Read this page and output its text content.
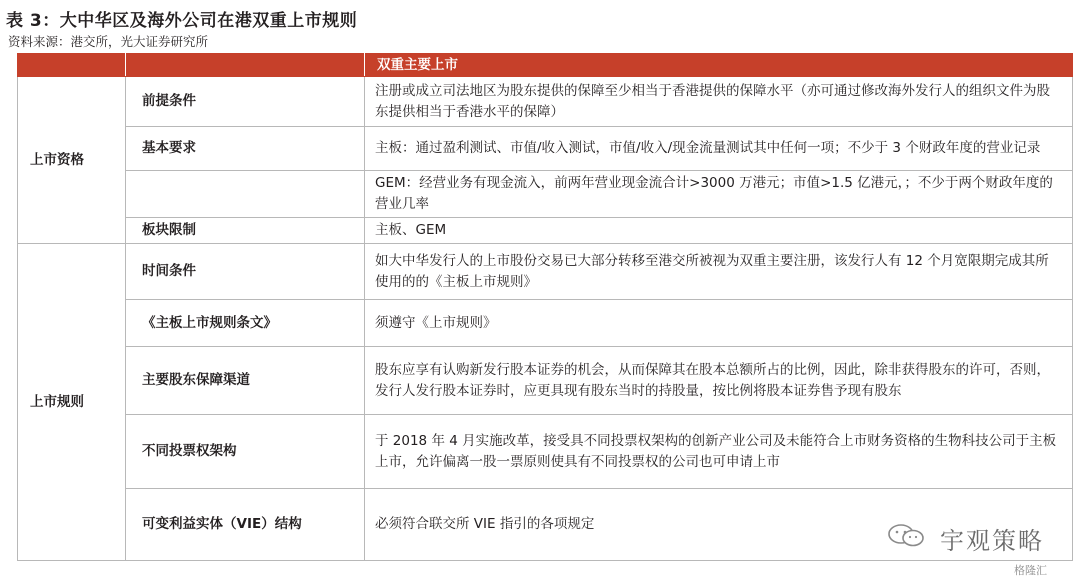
表 3：大中华区及海外公司在港双重上市规则
资料来源：港交所，光大证券研究所
		双重主要上市
上市资格	前提条件	注册或成立司法地区为股东提供的保障至少相当于香港提供的保障水平（亦可通过修改海外发行人的组织文件为股东提供相当于香港水平的保障）
	基本要求	主板：通过盈利测试、市值/收入测试，市值/收入/现金流量测试其中任何一项；不少于 3 个财政年度的营业记录
		GEM：经营业务有现金流入，前两年营业现金流合计>3000 万港元；市值>1.5 亿港元，；不少于两个财政年度的营业几率
	板块限制	主板、GEM
上市规则	时间条件	如大中华发行人的上市股份交易已大部分转移至港交所被视为双重主要注册，该发行人有 12 个月宽限期完成其所使用的的《主板上市规则》
	《主板上市规则条文》	须遵守《上市规则》
	主要股东保障渠道	股东应享有认购新发行股本证券的机会，从而保障其在股本总额所占的比例，因此，除非获得股东的许可，否则，发行人发行股本证券时，应更具现有股东当时的持股量，按比例将股本证券售予现有股东
	不同投票权架构	于 2018 年 4 月实施改革，接受具不同投票权架构的创新产业公司及未能符合上市财务资格的生物科技公司于主板上市，允许偏离一股一票原则使具有不同投票权的公司也可申请上市
	可变利益实体（VIE）结构	必须符合联交所 VIE 指引的各项规定
宇观策略
格隆汇
